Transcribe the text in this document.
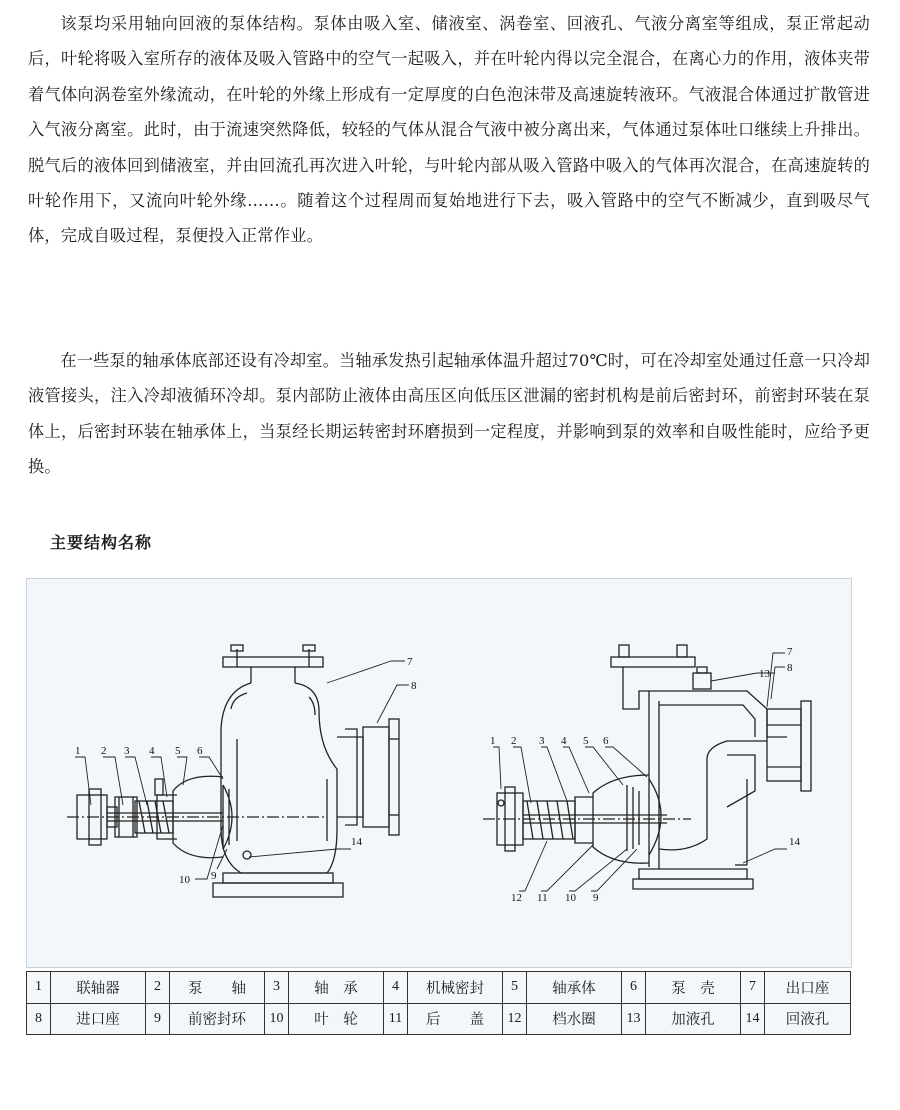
该泵均采用轴向回液的泵体结构。泵体由吸入室、储液室、涡卷室、回液孔、气液分离室等组成，泵正常起动后，叶轮将吸入室所存的液体及吸入管路中的空气一起吸入，并在叶轮内得以完全混合，在离心力的作用，液体夹带着气体向涡卷室外缘流动，在叶轮的外缘上形成有一定厚度的白色泡沫带及高速旋转液环。气液混合体通过扩散管进入气液分离室。此时，由于流速突然降低，较轻的气体从混合气液中被分离出来，气体通过泵体吐口继续上升排出。脱气后的液体回到储液室，并由回流孔再次进入叶轮，与叶轮内部从吸入管路中吸入的气体再次混合，在高速旋转的叶轮作用下，又流向叶轮外缘……。随着这个过程周而复始地进行下去，吸入管路中的空气不断减少，直到吸尽气体，完成自吸过程，泵便投入正常作业。

在一些泵的轴承体底部还设有冷却室。当轴承发热引起轴承体温升超过70℃时，可在冷却室处通过任意一只冷却液管接头，注入冷却液循环冷却。泵内部防止液体由高压区向低压区泄漏的密封机构是前后密封环，前密封环装在泵体上，后密封环装在轴承体上，当泵经长期运转密封环磨损到一定程度，并影响到泵的效率和自吸性能时，应给予更换。

主要结构名称
1 2 3 4 5 6
7
8
9
10
14
1 2 3 4 5 6
7
8
9
10
11
12
13
14
1	联轴器	2	泵　　轴	3	轴　承	4	机械密封	5	轴承体	6	泵　壳	7	出口座
8	进口座	9	前密封环	10	叶　轮	11	后　　盖	12	档水圈	13	加液孔	14	回液孔
